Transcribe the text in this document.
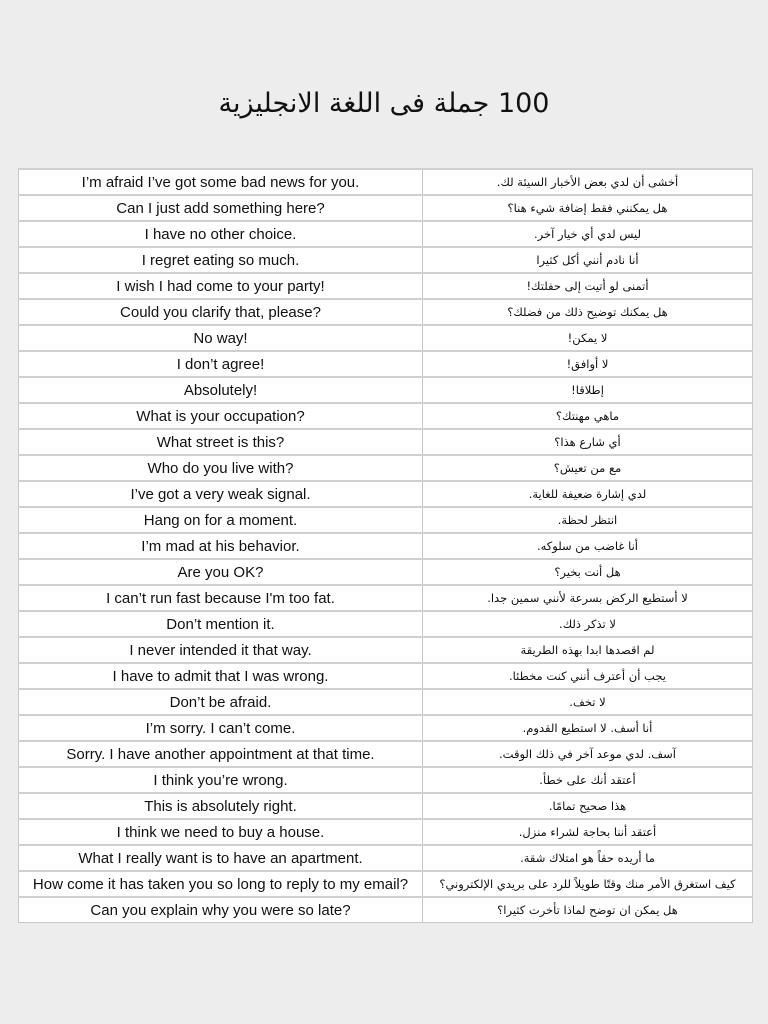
100 جملة فى اللغة الانجليزية
I’m afraid I’ve got some bad news for you.	أخشى أن لدي بعض الأخبار السيئة لك.
Can I just add something here?	هل يمكنني فقط إضافة شيء هنا؟
I have no other choice.	ليس لدي أي خيار آخر.
I regret eating so much.	أنا نادم أنني أكل كثيرا
I wish I had come to your party!	أتمنى لو أتيت إلى حفلتك!
Could you clarify that, please?	هل يمكنك توضيح ذلك من فضلك؟
No way!	لا يمكن!
I don’t agree!	لا أوافق!
Absolutely!	إطلاقا!
What is your occupation?	ماهي مهنتك؟
What street is this?	أي شارع هذا؟
Who do you live with?	مع من تعيش؟
I’ve got a very weak signal.	لدي إشارة ضعيفة للغاية.
Hang on for a moment.	انتظر لحظة.
I’m mad at his behavior.	أنا غاضب من سلوكه.
Are you OK?	هل أنت بخير؟
I can’t run fast because I'm too fat.	لا أستطيع الركض بسرعة لأنني سمين جدا.
Don’t mention it.	لا تذكر ذلك.
I never intended it that way.	لم اقصدها ابدا بهذه الطريقة
I have to admit that I was wrong.	يجب أن أعترف أنني كنت مخطئا.
Don’t be afraid.	لا تخف.
I’m sorry. I can’t come.	أنا أسف. لا استطيع القدوم.
Sorry. I have another appointment at that time.	آسف. لدي موعد آخر في ذلك الوقت.
I think you’re wrong.	أعتقد أنك على خطأ.
This is absolutely right.	هذا صحيح تمامًا.
I think we need to buy a house.	أعتقد أننا بحاجة لشراء منزل.
What I really want is to have an apartment.	ما أريده حقاً هو امتلاك شقة.
How come it has taken you so long to reply to my email?	كيف استغرق الأمر منك وقتًا طويلاً للرد على بريدي الإلكتروني؟
Can you explain why you were so late?	هل يمكن ان توضح لماذا تأخرت كثيرا؟
